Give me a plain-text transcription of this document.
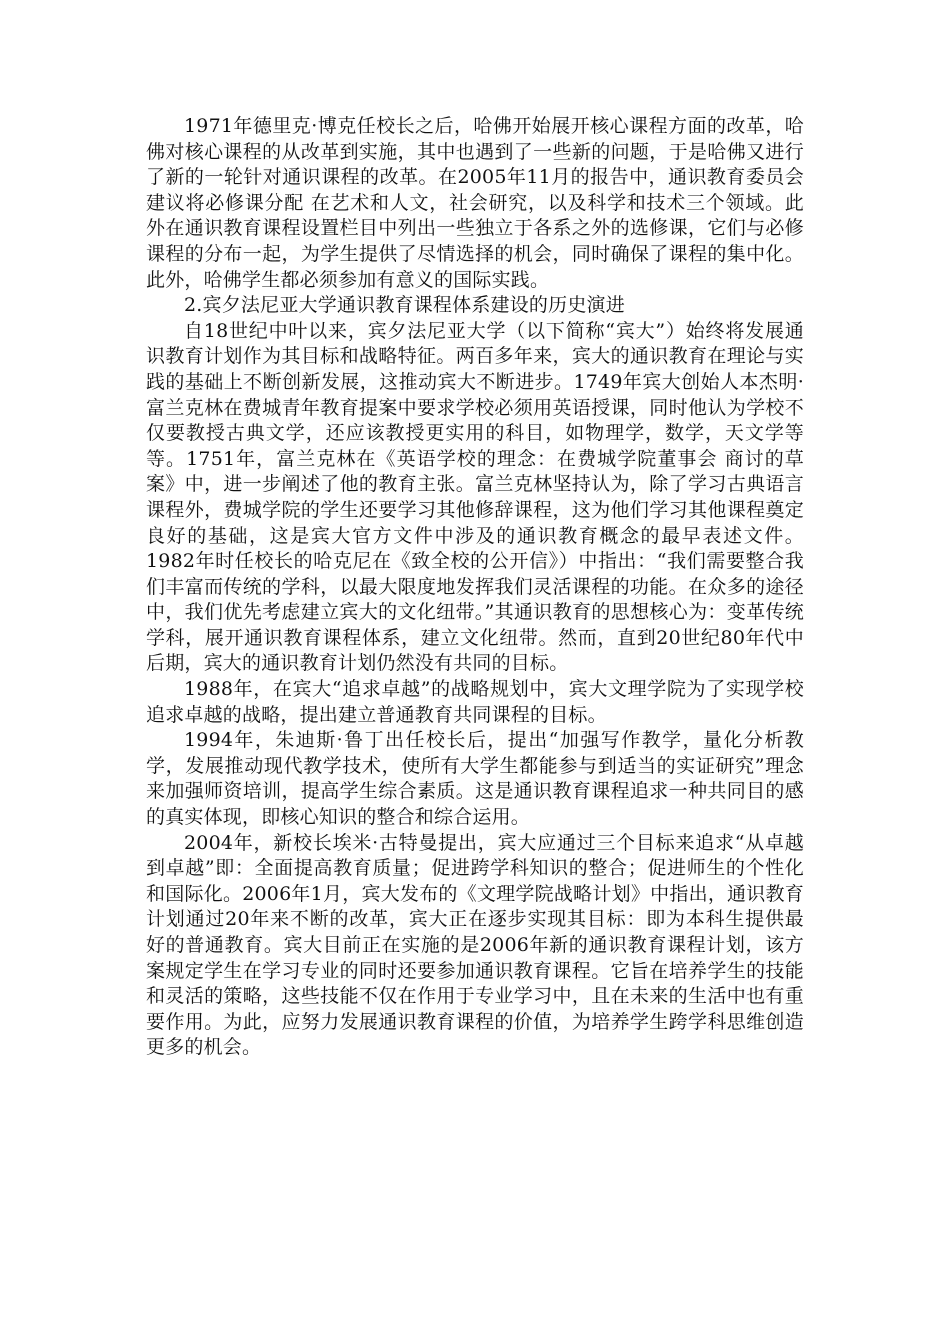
1971年德里克·博克任校长之后，哈佛开始展开核心课程方面的改革，哈佛对核心课程的从改革到实施，其中也遇到了一些新的问题，于是哈佛又进行了新的一轮针对通识课程的改革。在2005年11月的报告中，通识教育委员会建议将必修课分配 在艺术和人文，社会研究，以及科学和技术三个领域。此外在通识教育课程设置栏目中列出一些独立于各系之外的选修课，它们与必修课程的分布一起，为学生提供了尽情选择的机会，同时确保了课程的集中化。此外，哈佛学生都必须参加有意义的国际实践。

2.宾夕法尼亚大学通识教育课程体系建设的历史演进

自18世纪中叶以来，宾夕法尼亚大学（以下简称“宾大”）始终将发展通识教育计划作为其目标和战略特征。两百多年来，宾大的通识教育在理论与实践的基础上不断创新发展，这推动宾大不断进步。1749年宾大创始人本杰明·富兰克林在费城青年教育提案中要求学校必须用英语授课，同时他认为学校不仅要教授古典文学，还应该教授更实用的科目，如物理学，数学，天文学等等。1751年，富兰克林在《英语学校的理念：在费城学院董事会 商讨的草案》中，进一步阐述了他的教育主张。富兰克林坚持认为，除了学习古典语言课程外，费城学院的学生还要学习其他修辞课程，这为他们学习其他课程奠定良好的基础，这是宾大官方文件中涉及的通识教育概念的最早表述文件。1982年时任校长的哈克尼在《致全校的公开信》）中指出：“我们需要整合我们丰富而传统的学科，以最大限度地发挥我们灵活课程的功能。在众多的途径中，我们优先考虑建立宾大的文化纽带。”其通识教育的思想核心为：变革传统学科，展开通识教育课程体系，建立文化纽带。然而，直到20世纪80年代中后期，宾大的通识教育计划仍然没有共同的目标。

1988年，在宾大“追求卓越”的战略规划中，宾大文理学院为了实现学校追求卓越的战略，提出建立普通教育共同课程的目标。

1994年，朱迪斯·鲁丁出任校长后，提出“加强写作教学，量化分析教学，发展推动现代教学技术，使所有大学生都能参与到适当的实证研究”理念来加强师资培训，提高学生综合素质。这是通识教育课程追求一种共同目的感的真实体现，即核心知识的整合和综合运用。

2004年，新校长埃米·古特曼提出，宾大应通过三个目标来追求“从卓越到卓越”即：全面提高教育质量；促进跨学科知识的整合；促进师生的个性化和国际化。2006年1月，宾大发布的《文理学院战略计划》中指出，通识教育计划通过20年来不断的改革，宾大正在逐步实现其目标：即为本科生提供最好的普通教育。宾大目前正在实施的是2006年新的通识教育课程计划，该方案规定学生在学习专业的同时还要参加通识教育课程。它旨在培养学生的技能和灵活的策略，这些技能不仅在作用于专业学习中，且在未来的生活中也有重要作用。为此，应努力发展通识教育课程的价值，为培养学生跨学科思维创造更多的机会。
